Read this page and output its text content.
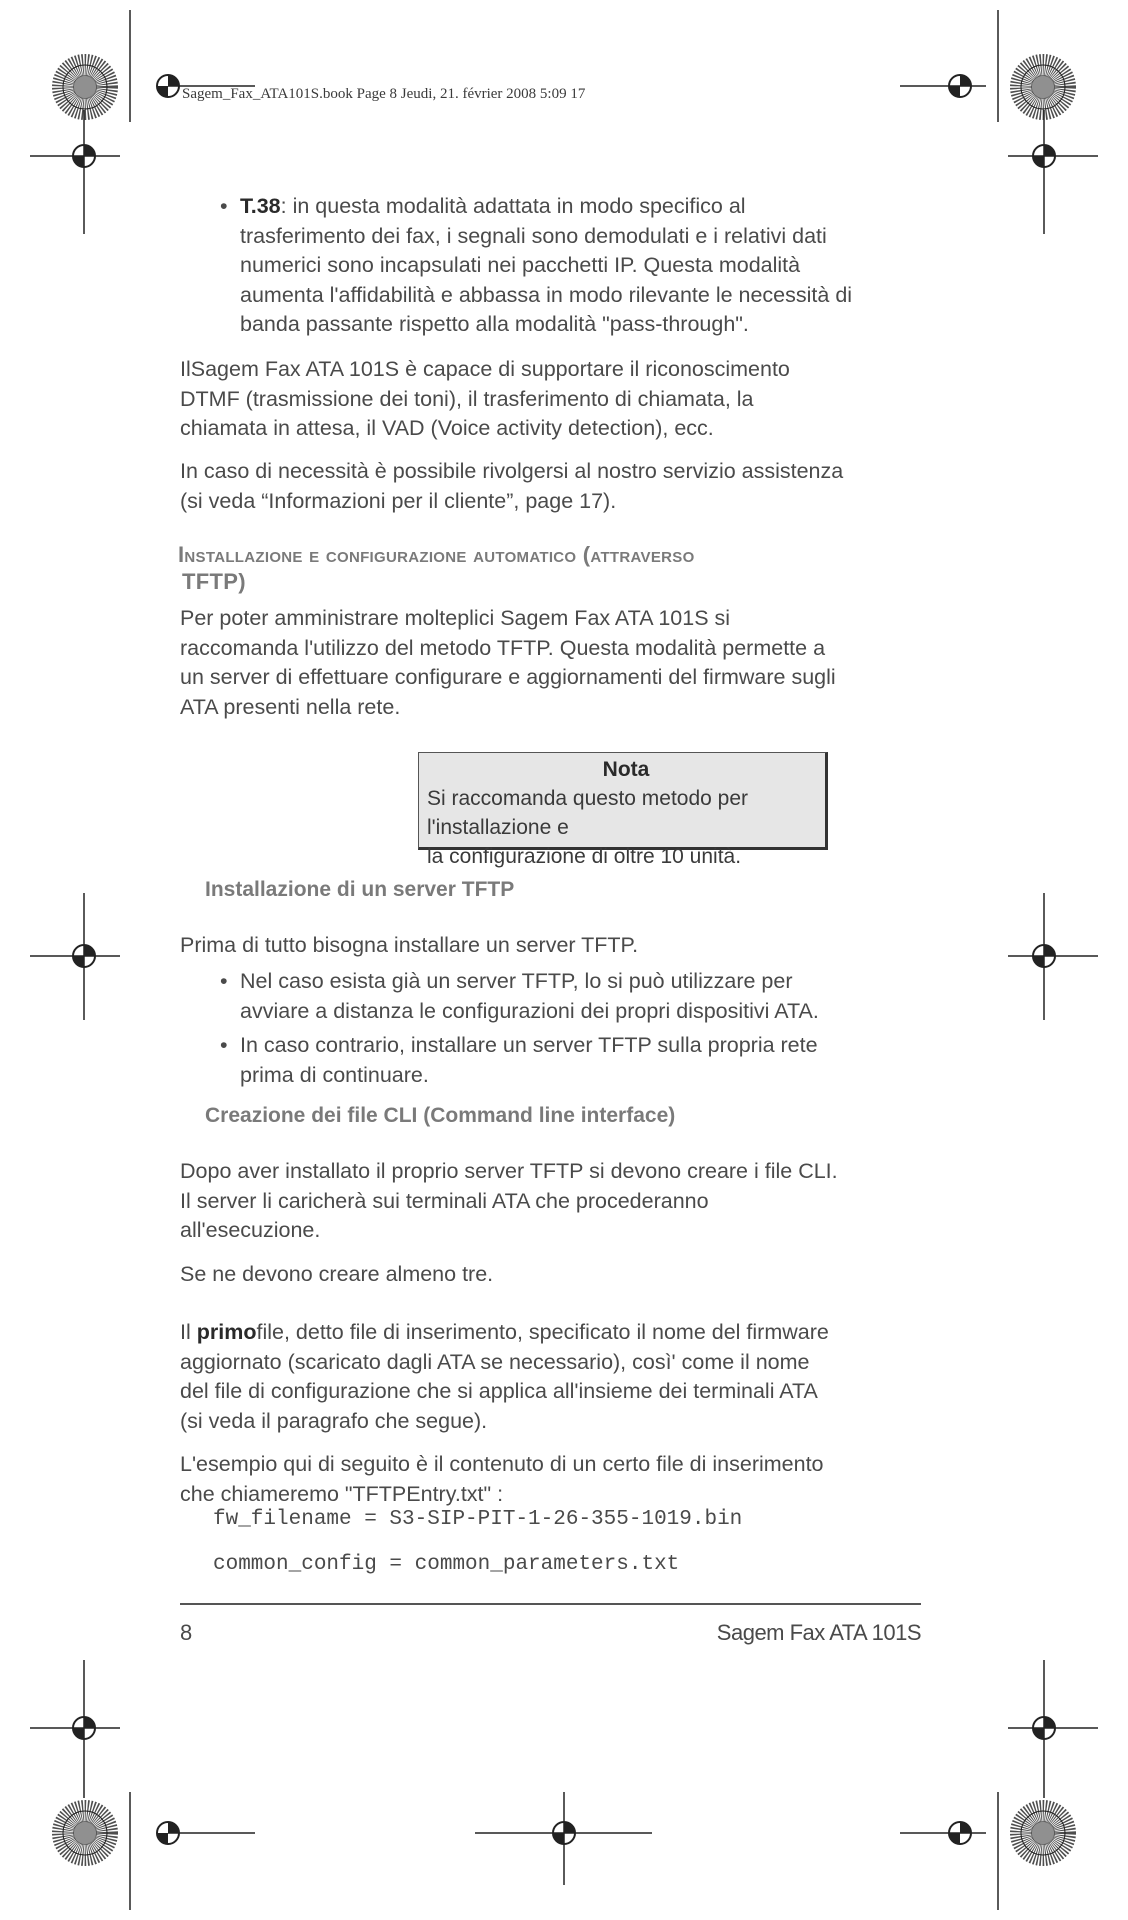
Sagem_Fax_ATA101S.book Page 8 Jeudi, 21. février 2008 5:09 17
• T.38: in questa modalità adattata in modo specifico al
trasferimento dei fax, i segnali sono demodulati e i relativi dati
numerici sono incapsulati nei pacchetti IP. Questa modalità
aumenta l'affidabilità e abbassa in modo rilevante le necessità di
banda passante rispetto alla modalità "pass-through".
IlSagem Fax ATA 101S è capace di supportare il riconoscimento
DTMF (trasmissione dei toni), il trasferimento di chiamata, la
chiamata in attesa, il VAD (Voice activity detection), ecc.
In caso di necessità è possibile rivolgersi al nostro servizio assistenza
(si veda “Informazioni per il cliente”, page 17).
Installazione e configurazione automatico (attraverso
TFTP)
Per poter amministrare molteplici Sagem Fax ATA 101S si
raccomanda l'utilizzo del metodo TFTP. Questa modalità permette a
un server di effettuare configurare e aggiornamenti del firmware sugli
ATA presenti nella rete.
Nota
Si raccomanda questo metodo per l'installazione e
la configurazione di oltre 10 unità.
Installazione di un server TFTP
Prima di tutto bisogna installare un server TFTP.
• Nel caso esista già un server TFTP, lo si può utilizzare per
avviare a distanza le configurazioni dei propri dispositivi ATA.
• In caso contrario, installare un server TFTP sulla propria rete
prima di continuare.
Creazione dei file CLI (Command line interface)
Dopo aver installato il proprio server TFTP si devono creare i file CLI.
Il server li caricherà sui terminali ATA che procederanno
all'esecuzione.
Se ne devono creare almeno tre.
Il primofile, detto file di inserimento, specificato il nome del firmware
aggiornato (scaricato dagli ATA se necessario), così' come il nome
del file di configurazione che si applica all'insieme dei terminali ATA
(si veda il paragrafo che segue).
L'esempio qui di seguito è il contenuto di un certo file di inserimento
che chiameremo "TFTPEntry.txt" :
fw_filename = S3-SIP-PIT-1-26-355-1019.bin
common_config = common_parameters.txt
8	Sagem Fax ATA 101S
